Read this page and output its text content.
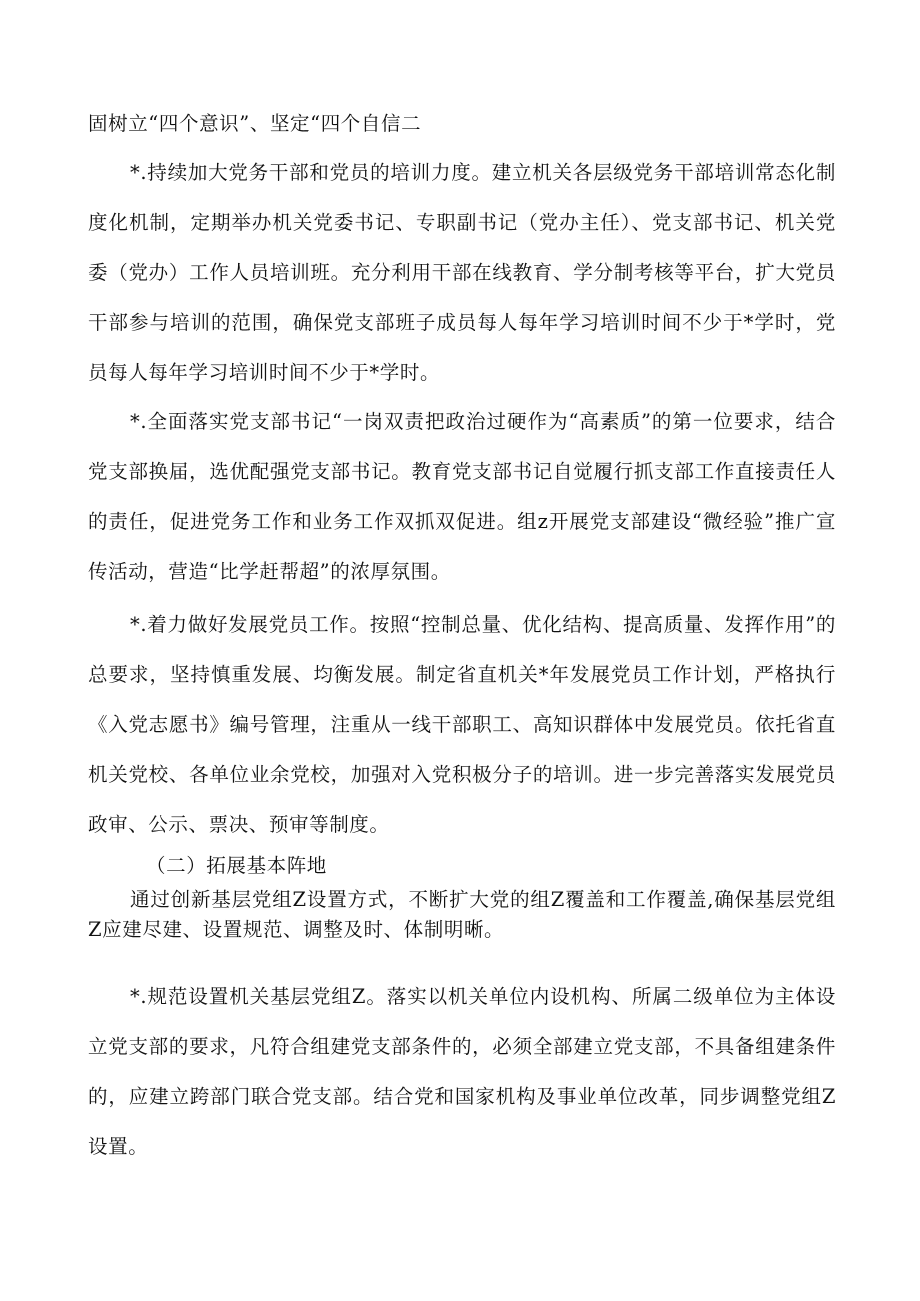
固树立“四个意识”、坚定“四个自信二

*.持续加大党务干部和党员的培训力度。建立机关各层级党务干部培训常态化制度化机制，定期举办机关党委书记、专职副书记（党办主任）、党支部书记、机关党委（党办）工作人员培训班。充分利用干部在线教育、学分制考核等平台，扩大党员干部参与培训的范围，确保党支部班子成员每人每年学习培训时间不少于*学时，党员每人每年学习培训时间不少于*学时。

*.全面落实党支部书记“一岗双责把政治过硬作为“高素质”的第一位要求，结合党支部换届，选优配强党支部书记。教育党支部书记自觉履行抓支部工作直接责任人的责任，促进党务工作和业务工作双抓双促进。组z开展党支部建设“微经验”推广宣传活动，营造“比学赶帮超”的浓厚氛围。

*.着力做好发展党员工作。按照“控制总量、优化结构、提高质量、发挥作用”的总要求，坚持慎重发展、均衡发展。制定省直机关*年发展党员工作计划，严格执行《入党志愿书》编号管理，注重从一线干部职工、高知识群体中发展党员。依托省直机关党校、各单位业余党校，加强对入党积极分子的培训。进一步完善落实发展党员政审、公示、票决、预审等制度。

（二）拓展基本阵地

通过创新基层党组Z设置方式，不断扩大党的组Z覆盖和工作覆盖,确保基层党组Z应建尽建、设置规范、调整及时、体制明晰。

*.规范设置机关基层党组Z。落实以机关单位内设机构、所属二级单位为主体设立党支部的要求，凡符合组建党支部条件的，必须全部建立党支部，不具备组建条件的，应建立跨部门联合党支部。结合党和国家机构及事业单位改革，同步调整党组Z设置。
